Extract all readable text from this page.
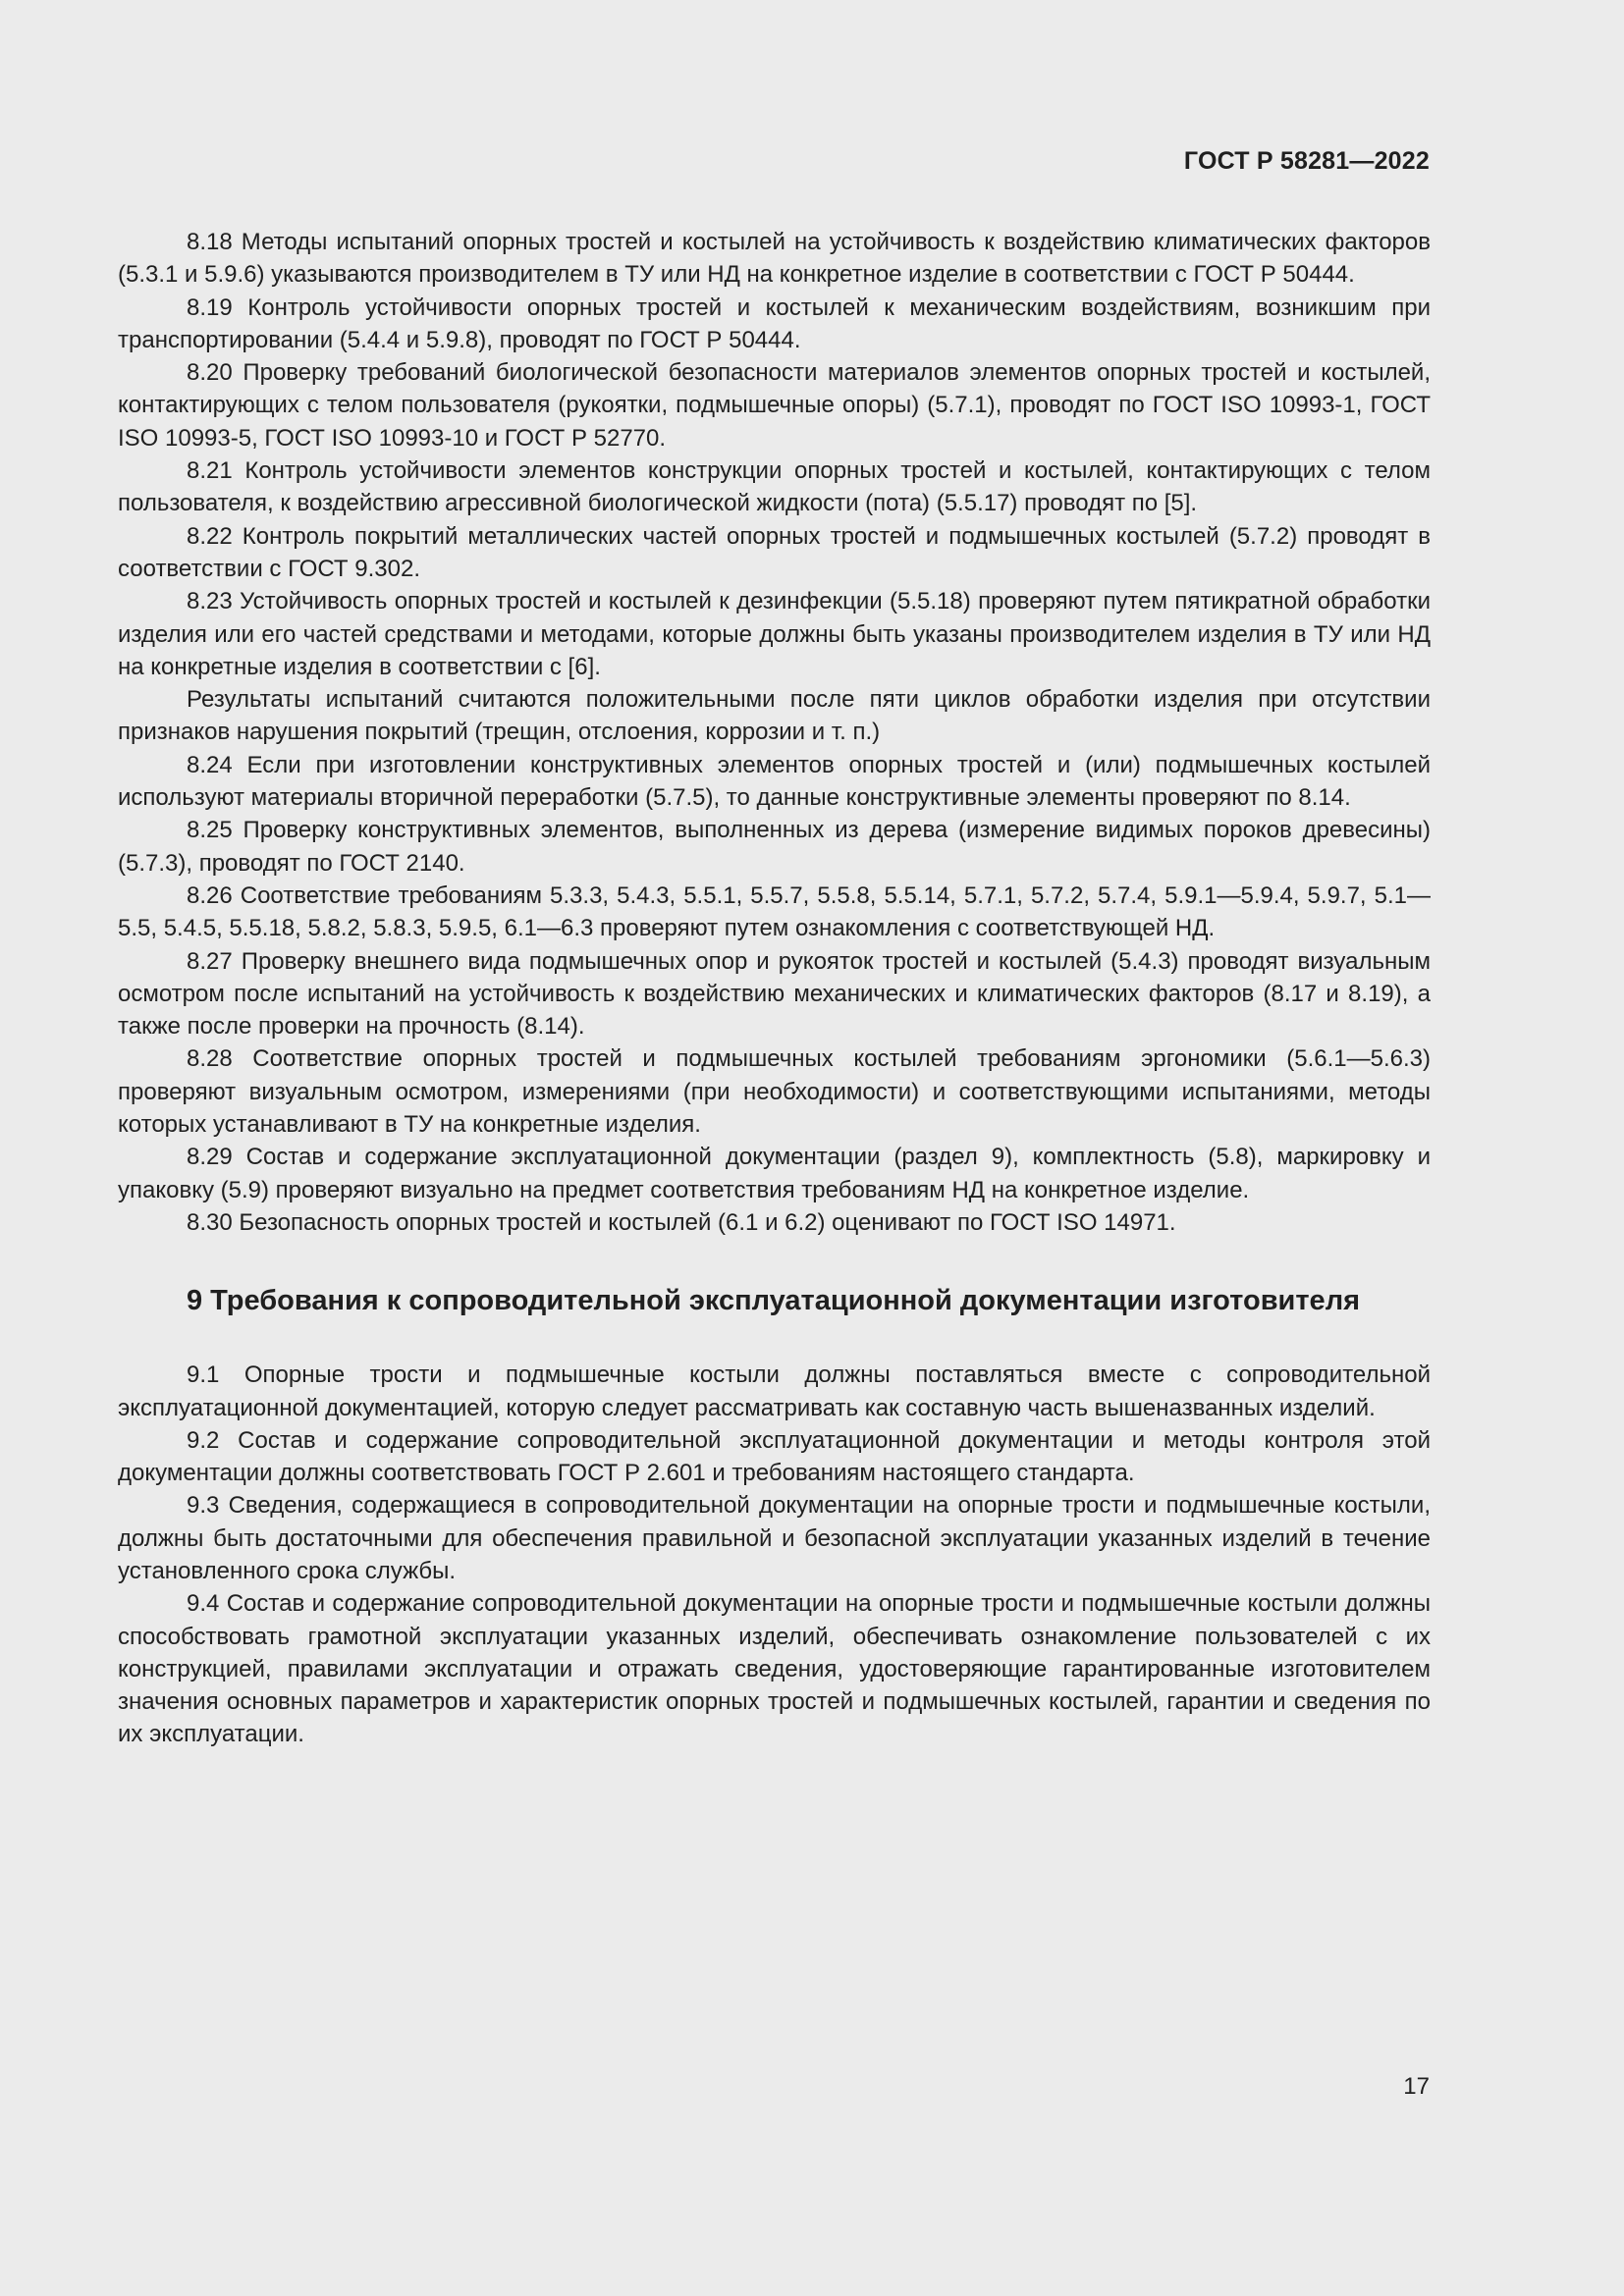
ГОСТ Р 58281—2022

8.18 Методы испытаний опорных тростей и костылей на устойчивость к воздействию климатических факторов (5.3.1 и 5.9.6) указываются производителем в ТУ или НД на конкретное изделие в соответствии с ГОСТ Р 50444.

8.19 Контроль устойчивости опорных тростей и костылей к механическим воздействиям, возникшим при транспортировании (5.4.4 и 5.9.8), проводят по ГОСТ Р 50444.

8.20 Проверку требований биологической безопасности материалов элементов опорных тростей и костылей, контактирующих с телом пользователя (рукоятки, подмышечные опоры) (5.7.1), проводят по ГОСТ ISO 10993-1, ГОСТ ISO 10993-5, ГОСТ ISO 10993-10 и ГОСТ Р 52770.

8.21 Контроль устойчивости элементов конструкции опорных тростей и костылей, контактирующих с телом пользователя, к воздействию агрессивной биологической жидкости (пота) (5.5.17) проводят по [5].

8.22 Контроль покрытий металлических частей опорных тростей и подмышечных костылей (5.7.2) проводят в соответствии с ГОСТ 9.302.

8.23 Устойчивость опорных тростей и костылей к дезинфекции (5.5.18) проверяют путем пятикратной обработки изделия или его частей средствами и методами, которые должны быть указаны производителем изделия в ТУ или НД на конкретные изделия в соответствии с [6].

Результаты испытаний считаются положительными после пяти циклов обработки изделия при отсутствии признаков нарушения покрытий (трещин, отслоения, коррозии и т. п.)

8.24 Если при изготовлении конструктивных элементов опорных тростей и (или) подмышечных костылей используют материалы вторичной переработки (5.7.5), то данные конструктивные элементы проверяют по 8.14.

8.25 Проверку конструктивных элементов, выполненных из дерева (измерение видимых пороков древесины) (5.7.3), проводят по ГОСТ 2140.

8.26 Соответствие требованиям 5.3.3, 5.4.3, 5.5.1, 5.5.7, 5.5.8, 5.5.14, 5.7.1, 5.7.2, 5.7.4, 5.9.1—5.9.4, 5.9.7, 5.1—5.5, 5.4.5, 5.5.18, 5.8.2, 5.8.3, 5.9.5, 6.1—6.3 проверяют путем ознакомления с соответствующей НД.

8.27 Проверку внешнего вида подмышечных опор и рукояток тростей и костылей (5.4.3) проводят визуальным осмотром после испытаний на устойчивость к воздействию механических и климатических факторов (8.17 и 8.19), а также после проверки на прочность (8.14).

8.28 Соответствие опорных тростей и подмышечных костылей требованиям эргономики (5.6.1—5.6.3) проверяют визуальным осмотром, измерениями (при необходимости) и соответствующими испытаниями, методы которых устанавливают в ТУ на конкретные изделия.

8.29 Состав и содержание эксплуатационной документации (раздел 9), комплектность (5.8), маркировку и упаковку (5.9) проверяют визуально на предмет соответствия требованиям НД на конкретное изделие.

8.30 Безопасность опорных тростей и костылей (6.1 и 6.2) оценивают по ГОСТ ISO 14971.

9 Требования к сопроводительной эксплуатационной документации изготовителя

9.1 Опорные трости и подмышечные костыли должны поставляться вместе с сопроводительной эксплуатационной документацией, которую следует рассматривать как составную часть вышеназванных изделий.

9.2 Состав и содержание сопроводительной эксплуатационной документации и методы контроля этой документации должны соответствовать ГОСТ Р 2.601 и требованиям настоящего стандарта.

9.3 Сведения, содержащиеся в сопроводительной документации на опорные трости и подмышечные костыли, должны быть достаточными для обеспечения правильной и безопасной эксплуатации указанных изделий в течение установленного срока службы.

9.4 Состав и содержание сопроводительной документации на опорные трости и подмышечные костыли должны способствовать грамотной эксплуатации указанных изделий, обеспечивать ознакомление пользователей с их конструкцией, правилами эксплуатации и отражать сведения, удостоверяющие гарантированные изготовителем значения основных параметров и характеристик опорных тростей и подмышечных костылей, гарантии и сведения по их эксплуатации.

17
